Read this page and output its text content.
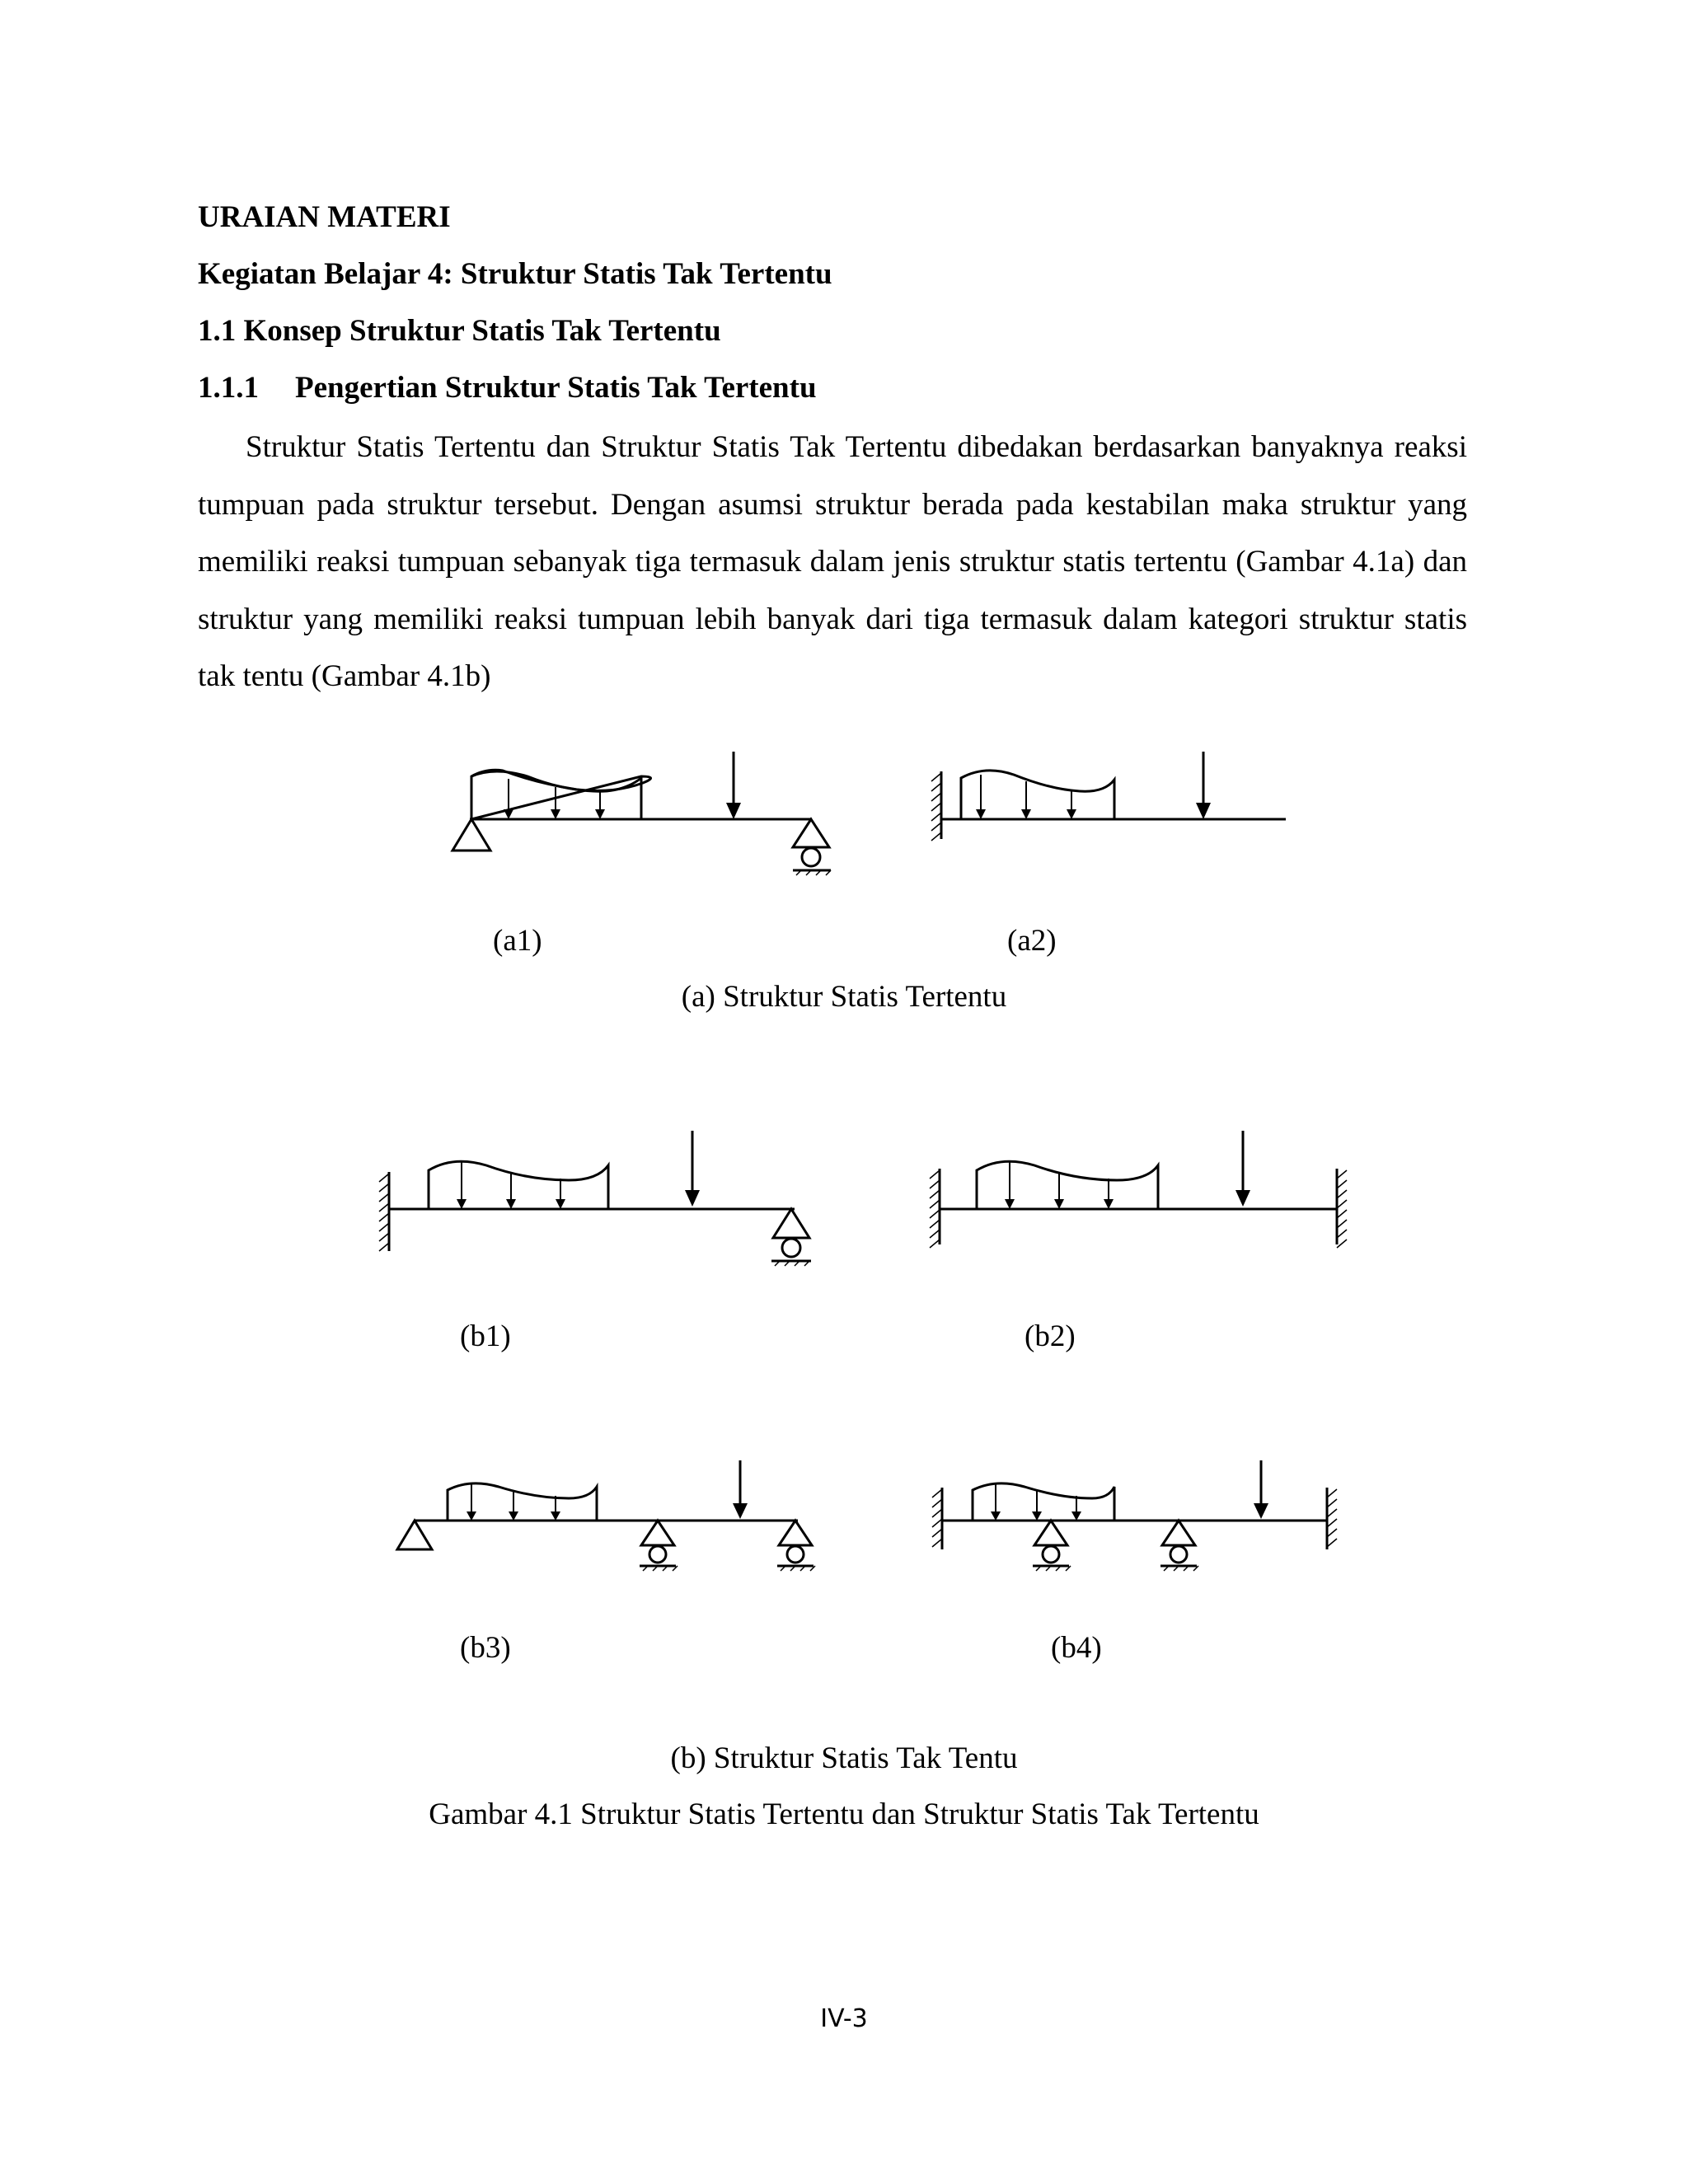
URAIAN MATERI
Kegiatan Belajar 4: Struktur Statis Tak Tertentu
1.1 Konsep Struktur Statis Tak Tertentu
1.1.1 Pengertian Struktur Statis Tak Tertentu
Struktur Statis Tertentu dan Struktur Statis Tak Tertentu dibedakan berdasarkan banyaknya reaksi tumpuan pada struktur tersebut. Dengan asumsi struktur berada pada kestabilan maka struktur yang memiliki reaksi tumpuan sebanyak tiga termasuk dalam jenis struktur statis tertentu (Gambar 4.1a) dan struktur yang memiliki reaksi tumpuan lebih banyak dari tiga termasuk dalam kategori struktur statis tak tentu (Gambar 4.1b)
(a1)	(a2)
(a) Struktur Statis Tertentu
(b1)	(b2)
(b3)	(b4)
(b) Struktur Statis Tak Tentu
Gambar 4.1 Struktur Statis Tertentu dan Struktur Statis Tak Tertentu
IV-3
